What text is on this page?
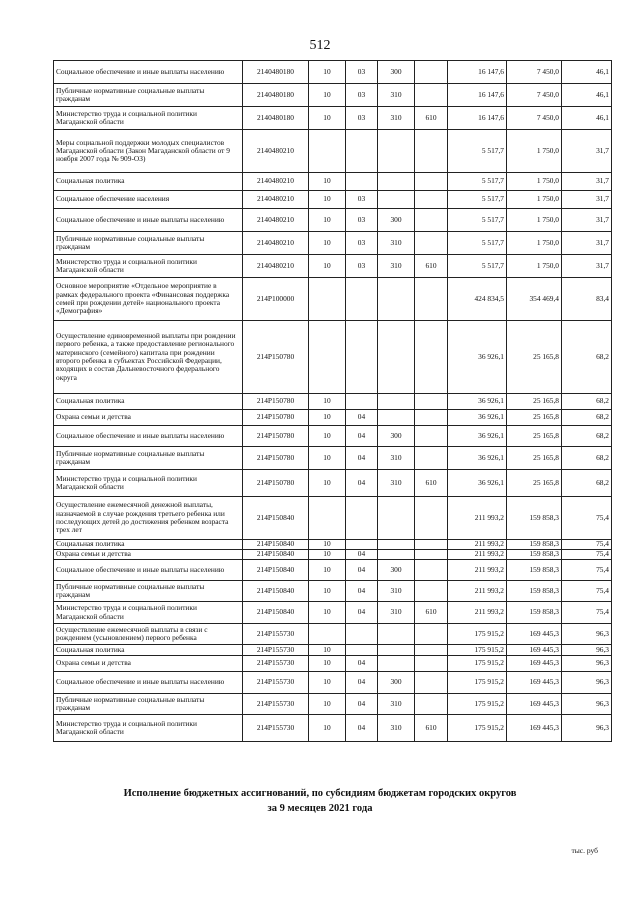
512
Социальное обеспечение и иные выплаты населению	2140480180	10	03	300		16 147,6	7 450,0	46,1
Публичные нормативные социальные выплаты гражданам	2140480180	10	03	310		16 147,6	7 450,0	46,1
Министерство труда и социальной политики Магаданской области	2140480180	10	03	310	610	16 147,6	7 450,0	46,1
Меры социальной поддержки молодых специалистов Магаданской области (Закон Магаданской области от 9 ноября 2007 года № 909-ОЗ)	2140480210					5 517,7	1 750,0	31,7
Социальная политика	2140480210	10				5 517,7	1 750,0	31,7
Социальное обеспечение населения	2140480210	10	03			5 517,7	1 750,0	31,7
Социальное обеспечение и иные выплаты населению	2140480210	10	03	300		5 517,7	1 750,0	31,7
Публичные нормативные социальные выплаты гражданам	2140480210	10	03	310		5 517,7	1 750,0	31,7
Министерство труда и социальной политики Магаданской области	2140480210	10	03	310	610	5 517,7	1 750,0	31,7
Основное мероприятие «Отдельное мероприятие в рамках федерального проекта «Финансовая поддержка семей при рождении детей» национального проекта «Демография»	214P100000					424 834,5	354 469,4	83,4
Осуществление единовременной выплаты при рождении первого ребенка, а также предоставление регионального материнского (семейного) капитала при рождении второго ребенка в субъектах Российской Федерации, входящих в состав Дальневосточного федерального округа	214P150780					36 926,1	25 165,8	68,2
Социальная политика	214P150780	10				36 926,1	25 165,8	68,2
Охрана семьи и детства	214P150780	10	04			36 926,1	25 165,8	68,2
Социальное обеспечение и иные выплаты населению	214P150780	10	04	300		36 926,1	25 165,8	68,2
Публичные нормативные социальные выплаты гражданам	214P150780	10	04	310		36 926,1	25 165,8	68,2
Министерство труда и социальной политики Магаданской области	214P150780	10	04	310	610	36 926,1	25 165,8	68,2
Осуществление ежемесячной денежной выплаты, назначаемой в случае рождения третьего ребенка или последующих детей до достижения ребенком возраста трех лет	214P150840					211 993,2	159 858,3	75,4
Социальная политика	214P150840	10				211 993,2	159 858,3	75,4
Охрана семьи и детства	214P150840	10	04			211 993,2	159 858,3	75,4
Социальное обеспечение и иные выплаты населению	214P150840	10	04	300		211 993,2	159 858,3	75,4
Публичные нормативные социальные выплаты гражданам	214P150840	10	04	310		211 993,2	159 858,3	75,4
Министерство труда и социальной политики Магаданской области	214P150840	10	04	310	610	211 993,2	159 858,3	75,4
Осуществление ежемесячной выплаты в связи с рождением (усыновлением) первого ребенка	214P155730					175 915,2	169 445,3	96,3
Социальная политика	214P155730	10				175 915,2	169 445,3	96,3
Охрана семьи и детства	214P155730	10	04			175 915,2	169 445,3	96,3
Социальное обеспечение и иные выплаты населению	214P155730	10	04	300		175 915,2	169 445,3	96,3
Публичные нормативные социальные выплаты гражданам	214P155730	10	04	310		175 915,2	169 445,3	96,3
Министерство труда и социальной политики Магаданской области	214P155730	10	04	310	610	175 915,2	169 445,3	96,3
Исполнение бюджетных ассигнований, по субсидиям бюджетам городских округов
за 9 месяцев 2021 года
тыс. руб
